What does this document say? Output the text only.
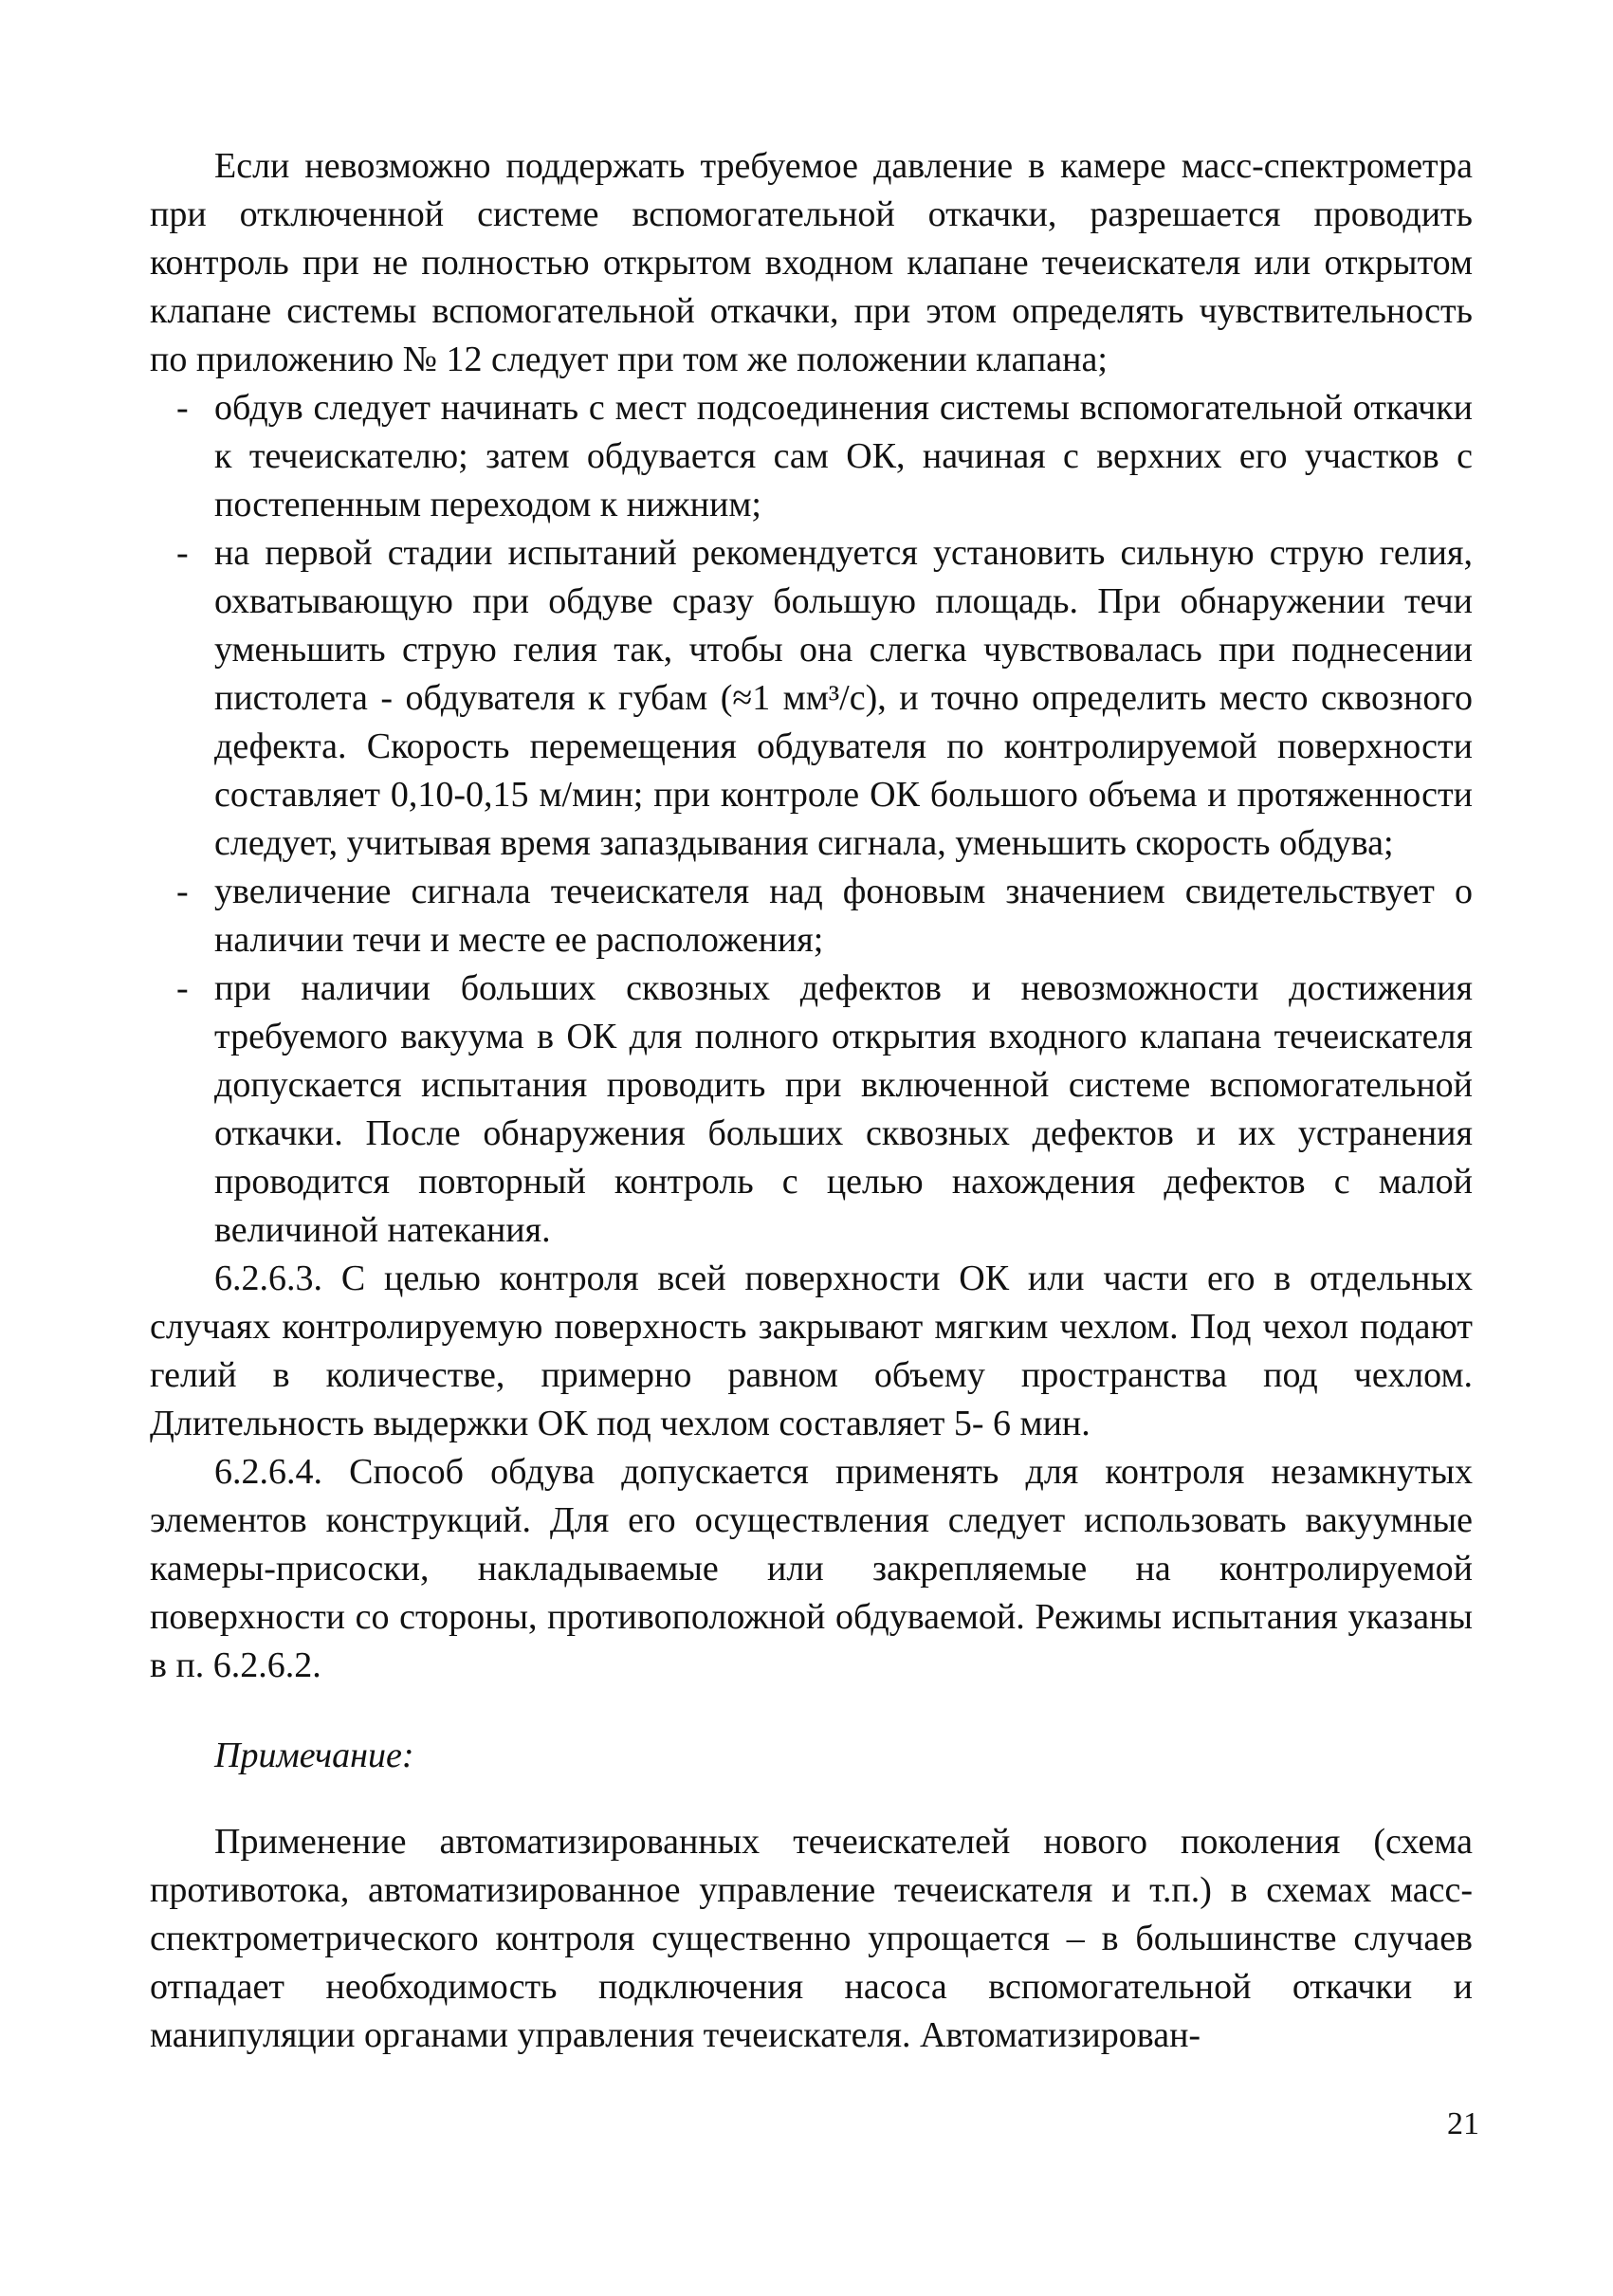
Если невозможно поддержать требуемое давление в камере масс-спектрометра при отключенной системе вспомогательной откачки, разрешается проводить контроль при не полностью открытом входном клапане течеискателя или открытом клапане системы вспомогательной откачки, при этом определять чувствительность по приложению № 12 следует при том же положении клапана;

- обдув следует начинать с мест подсоединения системы вспомогательной откачки к течеискателю; затем обдувается сам ОК, начиная с верхних его участков с постепенным переходом к нижним;
- на первой стадии испытаний рекомендуется установить сильную струю гелия, охватывающую при обдуве сразу большую площадь. При обнаружении течи уменьшить струю гелия так, чтобы она слегка чувствовалась при поднесении пистолета - обдувателя к губам (≈1 мм³/с), и точно определить место сквозного дефекта. Скорость перемещения обдувателя по контролируемой поверхности составляет 0,10-0,15 м/мин; при контроле ОК большого объема и протяженности следует, учитывая время запаздывания сигнала, уменьшить скорость обдува;
- увеличение сигнала течеискателя над фоновым значением свидетельствует о наличии течи и месте ее расположения;
- при наличии больших сквозных дефектов и невозможности достижения требуемого вакуума в ОК для полного открытия входного клапана течеискателя допускается испытания проводить при включенной системе вспомогательной откачки. После обнаружения больших сквозных дефектов и их устранения проводится повторный контроль с целью нахождения дефектов с малой величиной натекания.

6.2.6.3. С целью контроля всей поверхности ОК или части его в отдельных случаях контролируемую поверхность закрывают мягким чехлом. Под чехол подают гелий в количестве, примерно равном объему пространства под чехлом. Длительность выдержки ОК под чехлом составляет 5- 6 мин.

6.2.6.4. Способ обдува допускается применять для контроля незамкнутых элементов конструкций. Для его осуществления следует использовать вакуумные камеры-присоски, накладываемые или закрепляемые на контролируемой поверхности со стороны, противоположной обдуваемой. Режимы испытания указаны в п. 6.2.6.2.

Примечание:

Применение автоматизированных течеискателей нового поколения (схема противотока, автоматизированное управление течеискателя и т.п.) в схемах масс-спектрометрического контроля существенно упрощается – в большинстве случаев отпадает необходимость подключения насоса вспомогательной откачки и манипуляции органами управления течеискателя. Автоматизирован-

21
